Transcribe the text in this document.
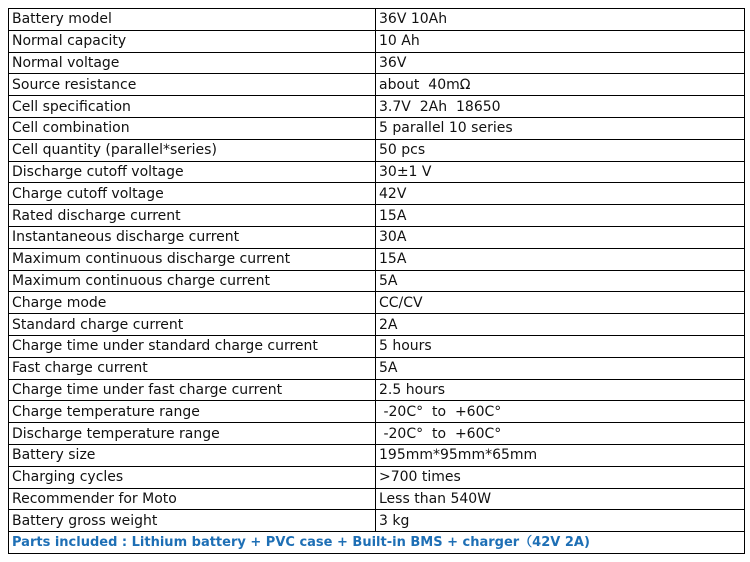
Battery model	36V 10Ah
Normal capacity	10 Ah
Normal voltage	36V
Source resistance	about  40mΩ
Cell specification	3.7V  2Ah  18650
Cell combination	5 parallel 10 series
Cell quantity (parallel*series)	50 pcs
Discharge cutoff voltage	30±1 V
Charge cutoff voltage	42V
Rated discharge current	15A
Instantaneous discharge current	30A
Maximum continuous discharge current	15A
Maximum continuous charge current	5A
Charge mode	CC/CV
Standard charge current	2A
Charge time under standard charge current	5 hours
Fast charge current	5A
Charge time under fast charge current	2.5 hours
Charge temperature range	-20C°  to  +60C°
Discharge temperature range	-20C°  to  +60C°
Battery size	195mm*95mm*65mm
Charging cycles	>700 times
Recommender for Moto	Less than 540W
Battery gross weight	3 kg
Parts included : Lithium battery + PVC case + Built-in BMS + charger（42V 2A)	
